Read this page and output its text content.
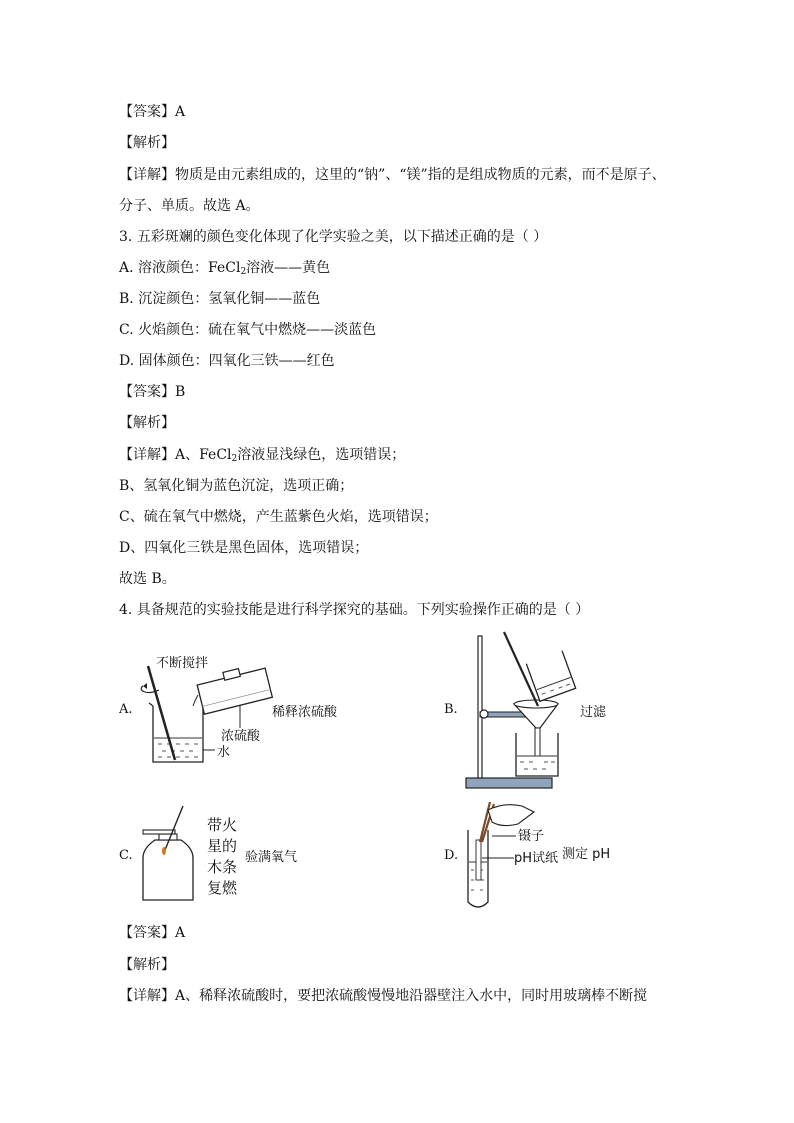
【答案】A
【解析】
【详解】物质是由元素组成的，这里的“钠”、“镁”指的是组成物质的元素，而不是原子、
分子、单质。故选 A。
3. 五彩斑斓的颜色变化体现了化学实验之美，以下描述正确的是（ ）
A. 溶液颜色：FeCl$_2$溶液——黄色
B. 沉淀颜色：氢氧化铜——蓝色
C. 火焰颜色：硫在氧气中燃烧——淡蓝色
D. 固体颜色：四氧化三铁——红色
【答案】B
【解析】
【详解】A、FeCl$_2$溶液显浅绿色，选项错误；
B、氢氧化铜为蓝色沉淀，选项正确；
C、硫在氧气中燃烧，产生蓝紫色火焰，选项错误；
D、四氧化三铁是黑色固体，选项错误；
故选 B。
4. 具备规范的实验技能是进行科学探究的基础。下列实验操作正确的是（ ）
A.
不断搅拌
稀释浓硫酸
浓硫酸
水
B.	过滤
C.
带火
星的
木条
复燃
验满氧气	D.
镊子
pH试纸 测定 pH
【答案】A
【解析】
【详解】A、稀释浓硫酸时，要把浓硫酸慢慢地沿器壁注入水中，同时用玻璃棒不断搅
